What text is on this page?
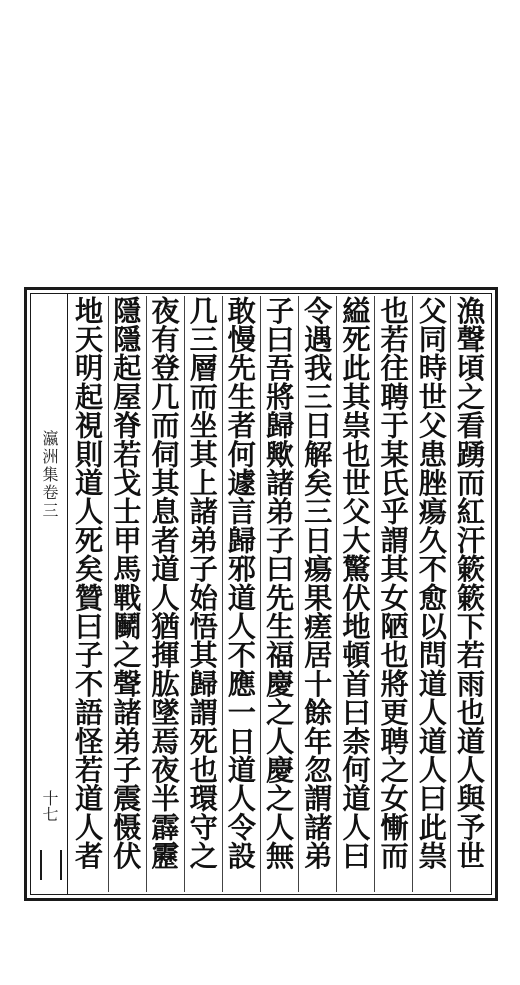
瀛洲集卷三
十七	漁聲頃之看踴而紅汗簌簌下若雨也道人與予世
父同時世父患脞瘍久不愈以問道人道人曰此祟
也若往聘于某氏乎謂其女陋也將更聘之女慚而
縊死此其祟也世父大驚伏地頓首曰柰何道人曰
令遇我三日解矣三日瘍果瘥居十餘年忽謂諸弟
子曰吾將歸歟諸弟子曰先生福慶之人慶之人無
敢慢先生者何遽言歸邪道人不應一日道人令設
几三層而坐其上諸弟子始悟其歸謂死也環守之
夜有登几而伺其息者道人猶揮肱墜焉夜半霹靂
隱隱起屋脊若戈士甲馬戰鬭之聲諸弟子震慑伏
地天明起視則道人死矣贊曰子不語怪若道人者
